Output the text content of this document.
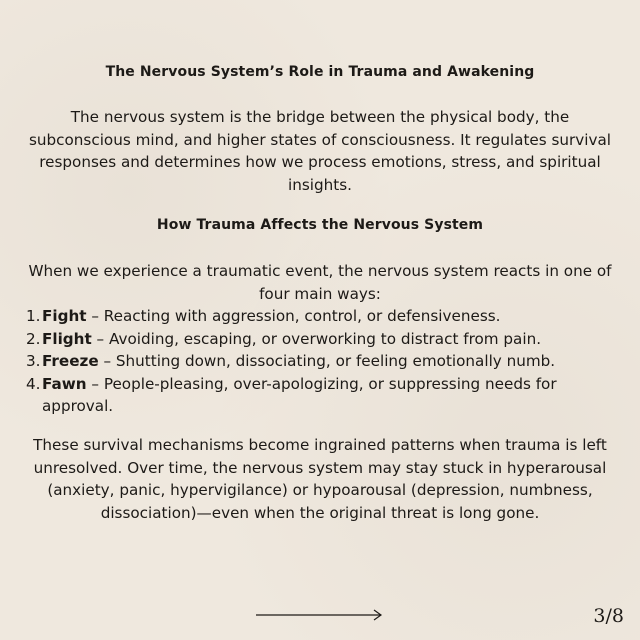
The Nervous System’s Role in Trauma and Awakening
The nervous system is the bridge between the physical body, the subconscious mind, and higher states of consciousness. It regulates survival responses and determines how we process emotions, stress, and spiritual insights.
How Trauma Affects the Nervous System
When we experience a traumatic event, the nervous system reacts in one of four main ways:
1. Fight – Reacting with aggression, control, or defensiveness.
2. Flight – Avoiding, escaping, or overworking to distract from pain.
3. Freeze – Shutting down, dissociating, or feeling emotionally numb.
4. Fawn – People-pleasing, over-apologizing, or suppressing needs for approval.
These survival mechanisms become ingrained patterns when trauma is left unresolved. Over time, the nervous system may stay stuck in hyperarousal (anxiety, panic, hypervigilance) or hypoarousal (depression, numbness, dissociation)—even when the original threat is long gone.
3/8
